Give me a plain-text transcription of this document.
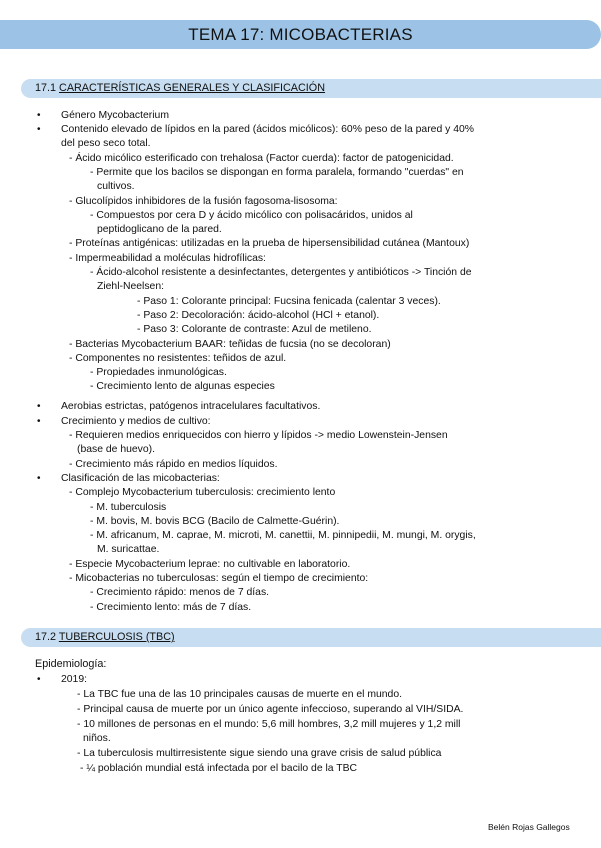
TEMA 17: MICOBACTERIAS
17.1 CARACTERÍSTICAS GENERALES Y CLASIFICACIÓN
•
•
•
•
•
Género Mycobacterium
Contenido elevado de lípidos en la pared (ácidos micólicos): 60% peso de la pared y 40%
del peso seco total.
- Ácido micólico esterificado con trehalosa (Factor cuerda): factor de patogenicidad.
- Permite que los bacilos se dispongan en forma paralela, formando "cuerdas" en
cultivos.
- Glucolípidos inhibidores de la fusión fagosoma-lisosoma:
- Compuestos por cera D y ácido micólico con polisacáridos, unidos al
peptidoglicano de la pared.
- Proteínas antigénicas: utilizadas en la prueba de hipersensibilidad cutánea (Mantoux)
- Impermeabilidad a moléculas hidrofílicas:
- Ácido-alcohol resistente a desinfectantes, detergentes y antibióticos -> Tinción de
Ziehl-Neelsen:
- Paso 1: Colorante principal: Fucsina fenicada (calentar 3 veces).
- Paso 2: Decoloración: ácido-alcohol (HCl + etanol).
- Paso 3: Colorante de contraste: Azul de metileno.
- Bacterias Mycobacterium BAAR: teñidas de fucsia (no se decoloran)
- Componentes no resistentes: teñidos de azul.
- Propiedades inmunológicas.
- Crecimiento lento de algunas especies
Aerobias estrictas, patógenos intracelulares facultativos.
Crecimiento y medios de cultivo:
- Requieren medios enriquecidos con hierro y lípidos -> medio Lowenstein-Jensen
(base de huevo).
- Crecimiento más rápido en medios líquidos.
Clasificación de las micobacterias:
- Complejo Mycobacterium tuberculosis: crecimiento lento
- M. tuberculosis
- M. bovis, M. bovis BCG (Bacilo de Calmette-Guérin).
- M. africanum, M. caprae, M. microti, M. canettii, M. pinnipedii, M. mungi, M. orygis,
M. suricattae.
- Especie Mycobacterium leprae: no cultivable en laboratorio.
- Micobacterias no tuberculosas: según el tiempo de crecimiento:
- Crecimiento rápido: menos de 7 días.
- Crecimiento lento: más de 7 días.
17.2 TUBERCULOSIS (TBC)
Epidemiología:
• 2019:
- La TBC fue una de las 10 principales causas de muerte en el mundo.
- Principal causa de muerte por un único agente infeccioso, superando al VIH/SIDA.
- 10 millones de personas en el mundo: 5,6 mill hombres, 3,2 mill mujeres y 1,2 mill
niños.
- La tuberculosis multirresistente sigue siendo una grave crisis de salud pública
- ¼ población mundial está infectada por el bacilo de la TBC
Belén Rojas Gallegos
